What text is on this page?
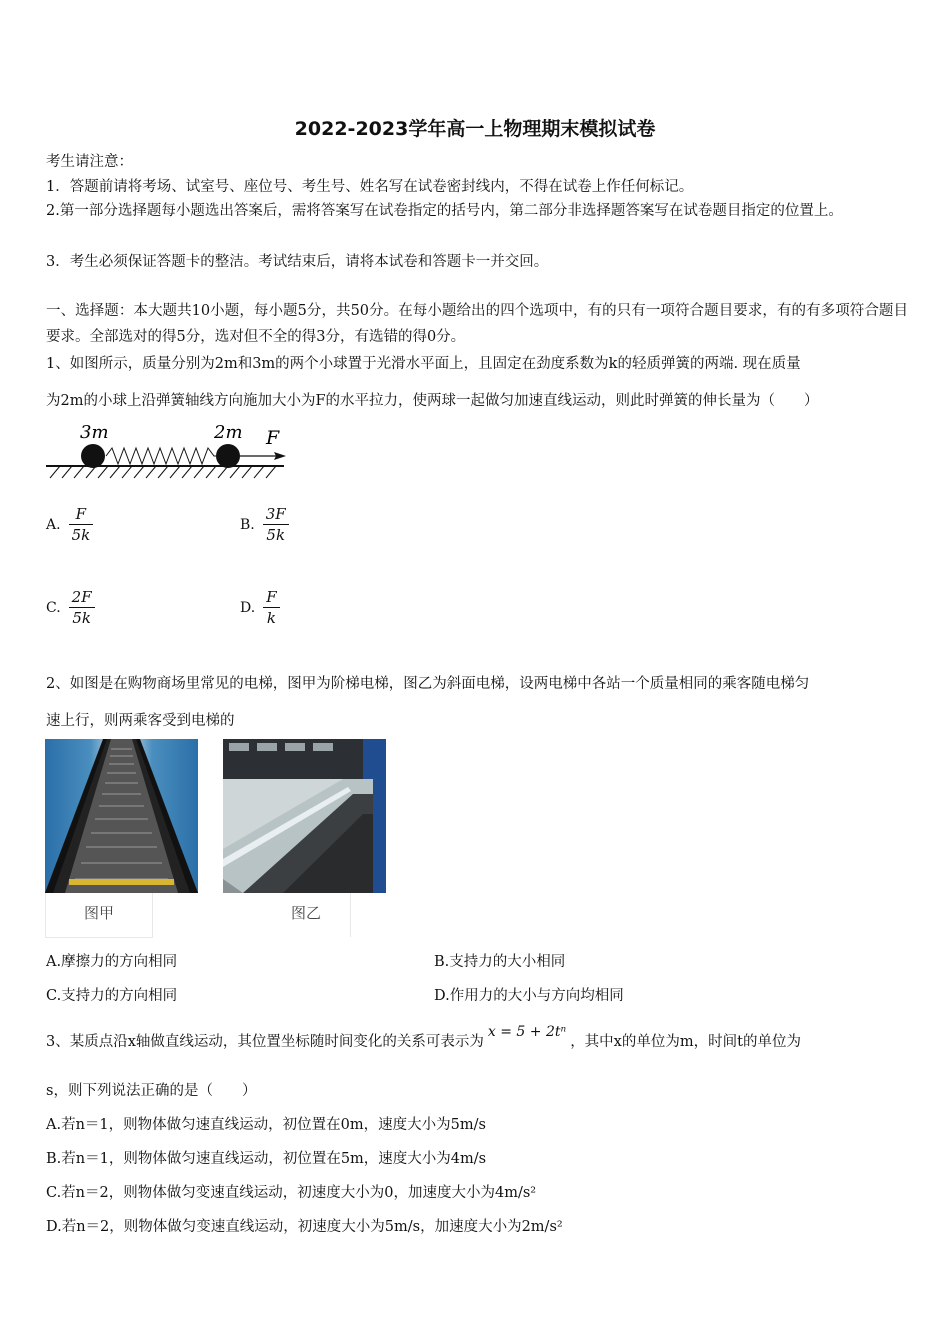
2022-2023学年高一上物理期末模拟试卷
考生请注意：
1．答题前请将考场、试室号、座位号、考生号、姓名写在试卷密封线内，不得在试卷上作任何标记。
2.第一部分选择题每小题选出答案后，需将答案写在试卷指定的括号内，第二部分非选择题答案写在试卷题目指定的位置上。
3．考生必须保证答题卡的整洁。考试结束后，请将本试卷和答题卡一并交回。
一、选择题：本大题共10小题，每小题5分，共50分。在每小题给出的四个选项中，有的只有一项符合题目要求，有的有多项符合题目要求。全部选对的得5分，选对但不全的得3分，有选错的得0分。
1、如图所示，质量分别为2m和3m的两个小球置于光滑水平面上，且固定在劲度系数为k的轻质弹簧的两端. 现在质量
为2m的小球上沿弹簧轴线方向施加大小为F的水平拉力，使两球一起做匀加速直线运动，则此时弹簧的伸长量为（　　）
3m	2m F
A. $\frac{F}{5k}$	B. $\frac{3F}{5k}$
C. $\frac{2F}{5k}$	D. $\frac{F}{k}$
2、如图是在购物商场里常见的电梯，图甲为阶梯电梯，图乙为斜面电梯，设两电梯中各站一个质量相同的乘客随电梯匀
速上行，则两乘客受到电梯的
图甲	图乙
A.摩擦力的方向相同	B.支持力的大小相同
C.支持力的方向相同	D.作用力的大小与方向均相同
3、某质点沿x轴做直线运动，其位置坐标随时间变化的关系可表示为x = 5 + 2tⁿ，其中x的单位为m，时间t的单位为
s，则下列说法正确的是（　　）
A.若n＝1，则物体做匀速直线运动，初位置在0m，速度大小为5m/s
B.若n＝1，则物体做匀速直线运动，初位置在5m，速度大小为4m/s
C.若n＝2，则物体做匀变速直线运动，初速度大小为0，加速度大小为4m/s²
D.若n＝2，则物体做匀变速直线运动，初速度大小为5m/s，加速度大小为2m/s²
